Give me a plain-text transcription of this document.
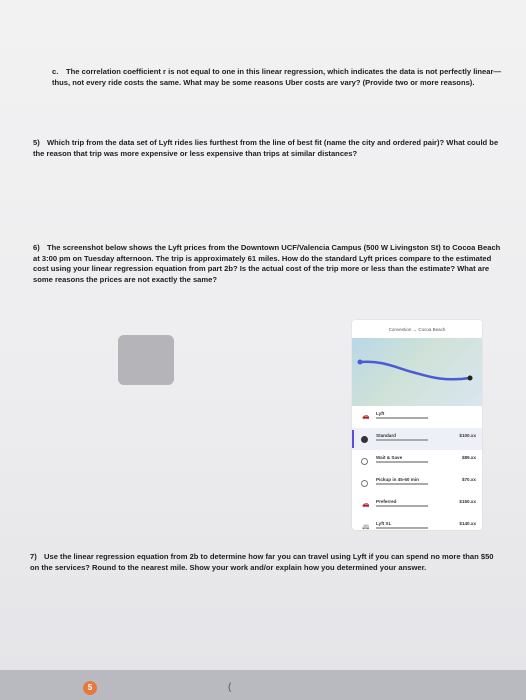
c. The correlation coefficient r is not equal to one in this linear regression, which indicates the data is not perfectly linear—thus, not every ride costs the same. What may be some reasons Uber costs are vary? (Provide two or more reasons).
5) Which trip from the data set of Lyft rides lies furthest from the line of best fit (name the city and ordered pair)? What could be the reason that trip was more expensive or less expensive than trips at similar distances?
6) The screenshot below shows the Lyft prices from the Downtown UCF/Valencia Campus (500 W Livingston St) to Cocoa Beach at 3:00 pm on Tuesday afternoon. The trip is approximately 61 miles. How do the standard Lyft prices compare to the estimated cost using your linear regression equation from part 2b? Is the actual cost of the trip more or less than the estimate? What are some reasons the prices are not exactly the same?
Convention → Cocoa Beach
🚗
Lyft
Standard	$100.xx
Wait & Save	$89.xx
Pickup in 45-60 min	$70.xx
🚗
Preferred	$150.xx
🚐
Lyft XL	$140.xx
7) Use the linear regression equation from 2b to determine how far you can travel using Lyft if you can spend no more than $50 on the services? Round to the nearest mile. Show your work and/or explain how you determined your answer.
5	(
